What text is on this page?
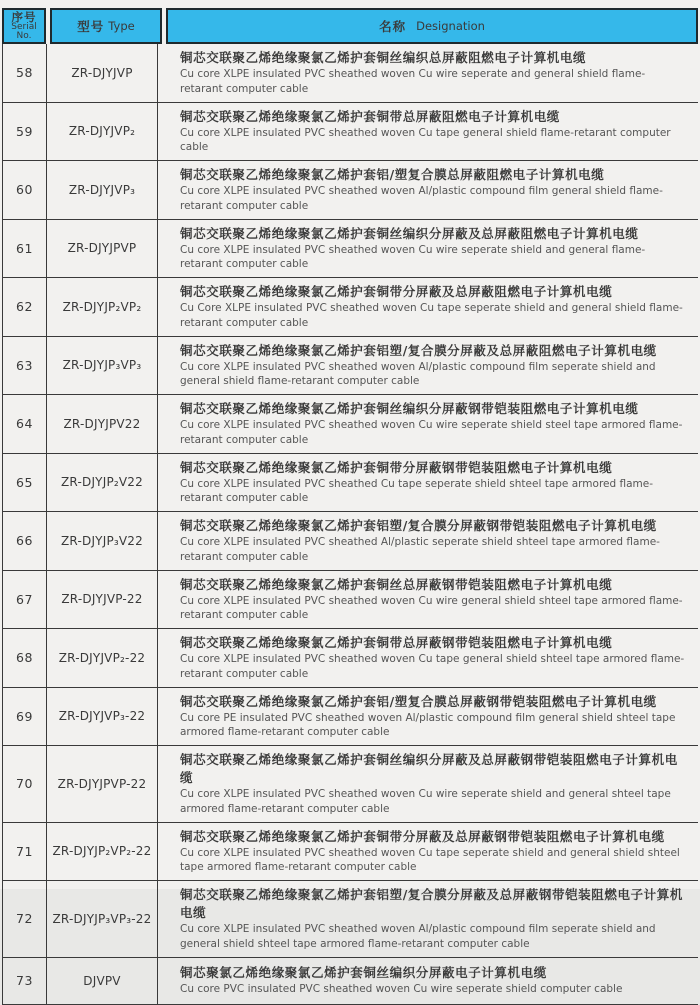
序号
Serial
No.
型号 Type	名称 Designation
58	ZR-DJYJVP
铜芯交联聚乙烯绝缘聚氯乙烯护套铜丝编织总屏蔽阻燃电子计算机电缆
Cu core XLPE insulated PVC sheathed woven Cu wire seperate and general shield flame-retarant computer cable
59	ZR-DJYJVP₂
铜芯交联聚乙烯绝缘聚氯乙烯护套铜带总屏蔽阻燃电子计算机电缆
Cu core XLPE insulated PVC sheathed woven Cu tape general shield flame-retarant computer cable
60	ZR-DJYJVP₃
铜芯交联聚乙烯绝缘聚氯乙烯护套铝/塑复合膜总屏蔽阻燃电子计算机电缆
Cu core XLPE insulated PVC sheathed woven Al/plastic compound film general shield flame-retarant computer cable
61	ZR-DJYJPVP
铜芯交联聚乙烯绝缘聚氯乙烯护套铜丝编织分屏蔽及总屏蔽阻燃电子计算机电缆
Cu core XLPE insulated PVC sheathed woven Cu wire seperate shield and general flame-retarant computer cable
62	ZR-DJYJP₂VP₂
铜芯交联聚乙烯绝缘聚氯乙烯护套铜带分屏蔽及总屏蔽阻燃电子计算机电缆
Cu Core XLPE insulated PVC sheathed woven Cu tape seperate shield and general shield flame-retarant computer cable
63	ZR-DJYJP₃VP₃
铜芯交联聚乙烯绝缘聚氯乙烯护套铝塑/复合膜分屏蔽及总屏蔽阻燃电子计算机电缆
Cu core XLPE insulated PVC sheathed woven Al/plastic compound film seperate shield and general shield flame-retarant computer cable
64	ZR-DJYJPV22
铜芯交联聚乙烯绝缘聚氯乙烯护套铜丝编织分屏蔽钢带铠装阻燃电子计算机电缆
Cu core XLPE insulated PVC sheathed woven Cu wire seperate shield steel tape armored flame-retarant computer cable
65	ZR-DJYJP₂V22
铜芯交联聚乙烯绝缘聚氯乙烯护套铜带分屏蔽钢带铠装阻燃电子计算机电缆
Cu core XLPE insulated PVC sheathed Cu tape seperate shield shteel tape armored flame-retarant computer cable
66	ZR-DJYJP₃V22
铜芯交联聚乙烯绝缘聚氯乙烯护套铝塑/复合膜分屏蔽钢带铠装阻燃电子计算机电缆
Cu core XLPE insulated PVC sheathed Al/plastic seperate shield shteel tape armored flame-retarant computer cable
67	ZR-DJYJVP-22
铜芯交联聚乙烯绝缘聚氯乙烯护套铜丝总屏蔽钢带铠装阻燃电子计算机电缆
Cu core XLPE insulated PVC sheathed woven Cu wire general shield shteel tape armored flame-retarant computer cable
68	ZR-DJYJVP₂-22
铜芯交联聚乙烯绝缘聚氯乙烯护套铜带总屏蔽钢带铠装阻燃电子计算机电缆
Cu core XLPE insulated PVC sheathed woven Cu tape general shield shteel tape armored flame-retarant computer cable
69	ZR-DJYJVP₃-22
铜芯交联聚乙烯绝缘聚氯乙烯护套铝/塑复合膜总屏蔽钢带铠装阻燃电子计算机电缆
Cu core PE insulated PVC sheathed woven Al/plastic compound film general shield shteel tape armored flame-retarant computer cable
70	ZR-DJYJPVP-22
铜芯交联聚乙烯绝缘聚氯乙烯护套铜丝编织分屏蔽及总屏蔽钢带铠装阻燃电子计算机电缆
Cu core XLPE insulated PVC sheathed woven Cu wire seperate shield and general shteel tape armored flame-retarant computer cable
71	ZR-DJYJP₂VP₂-22
铜芯交联聚乙烯绝缘聚氯乙烯护套铜带分屏蔽及总屏蔽钢带铠装阻燃电子计算机电缆
Cu core XLPE insulated PVC sheathed woven Cu tape seperate shield and general shield shteel tape armored flame-retarant computer cable
72	ZR-DJYJP₃VP₃-22
铜芯交联聚乙烯绝缘聚氯乙烯护套铝塑/复合膜分屏蔽及总屏蔽钢带铠装阻燃电子计算机电缆
Cu core XLPE insulated PVC sheathed woven Al/plastic compound film seperate shield and general shield shteel tape armored flame-retarant computer cable
73	DJVPV
铜芯聚氯乙烯绝缘聚氯乙烯护套铜丝编织分屏蔽电子计算机电缆
Cu core PVC insulated PVC sheathed woven Cu wire seperate shield computer cable
